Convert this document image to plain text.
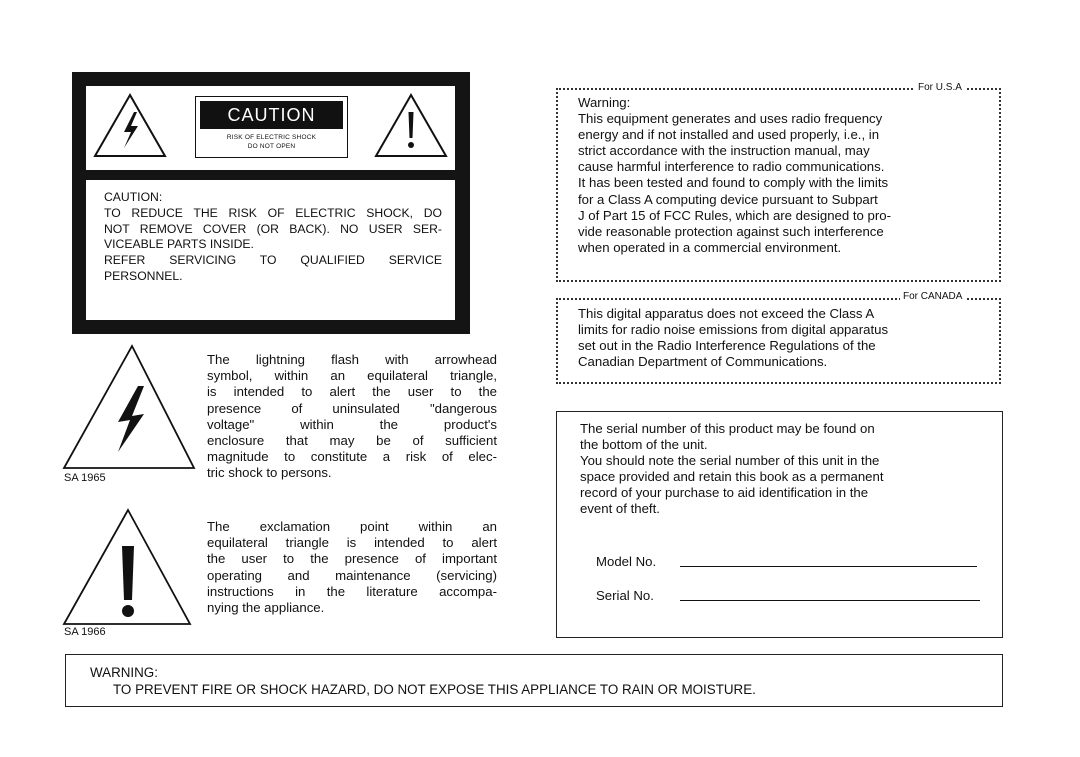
CAUTION
RISK OF ELECTRIC SHOCK
DO NOT OPEN
CAUTION:
TO REDUCE THE RISK OF ELECTRIC SHOCK, DO
NOT REMOVE COVER (OR BACK). NO USER SER-
VICEABLE PARTS INSIDE.
REFER SERVICING TO QUALIFIED SERVICE
PERSONNEL.
SA 1965
The lightning flash with arrowhead
symbol, within an equilateral triangle,
is intended to alert the user to the
presence of uninsulated "dangerous
voltage" within the product's
enclosure that may be of sufficient
magnitude to constitute a risk of elec-
tric shock to persons.
SA 1966
The exclamation point within an
equilateral triangle is intended to alert
the user to the presence of important
operating and maintenance (servicing)
instructions in the literature accompa-
nying the appliance.
For U.S.A
Warning:
This equipment generates and uses radio frequency
energy and if not installed and used properly, i.e., in
strict accordance with the instruction manual, may
cause harmful interference to radio communications.
It has been tested and found to comply with the limits
for a Class A computing device pursuant to Subpart
J of Part 15 of FCC Rules, which are designed to pro-
vide reasonable protection against such interference
when operated in a commercial environment.
For CANADA
This digital apparatus does not exceed the Class A
limits for radio noise emissions from digital apparatus
set out in the Radio Interference Regulations of the
Canadian Department of Communications.
The serial number of this product may be found on
the bottom of the unit.
You should note the serial number of this unit in the
space provided and retain this book as a permanent
record of your purchase to aid identification in the
event of theft.
Model No.
Serial No.
WARNING:
TO PREVENT FIRE OR SHOCK HAZARD, DO NOT EXPOSE THIS APPLIANCE TO RAIN OR MOISTURE.
